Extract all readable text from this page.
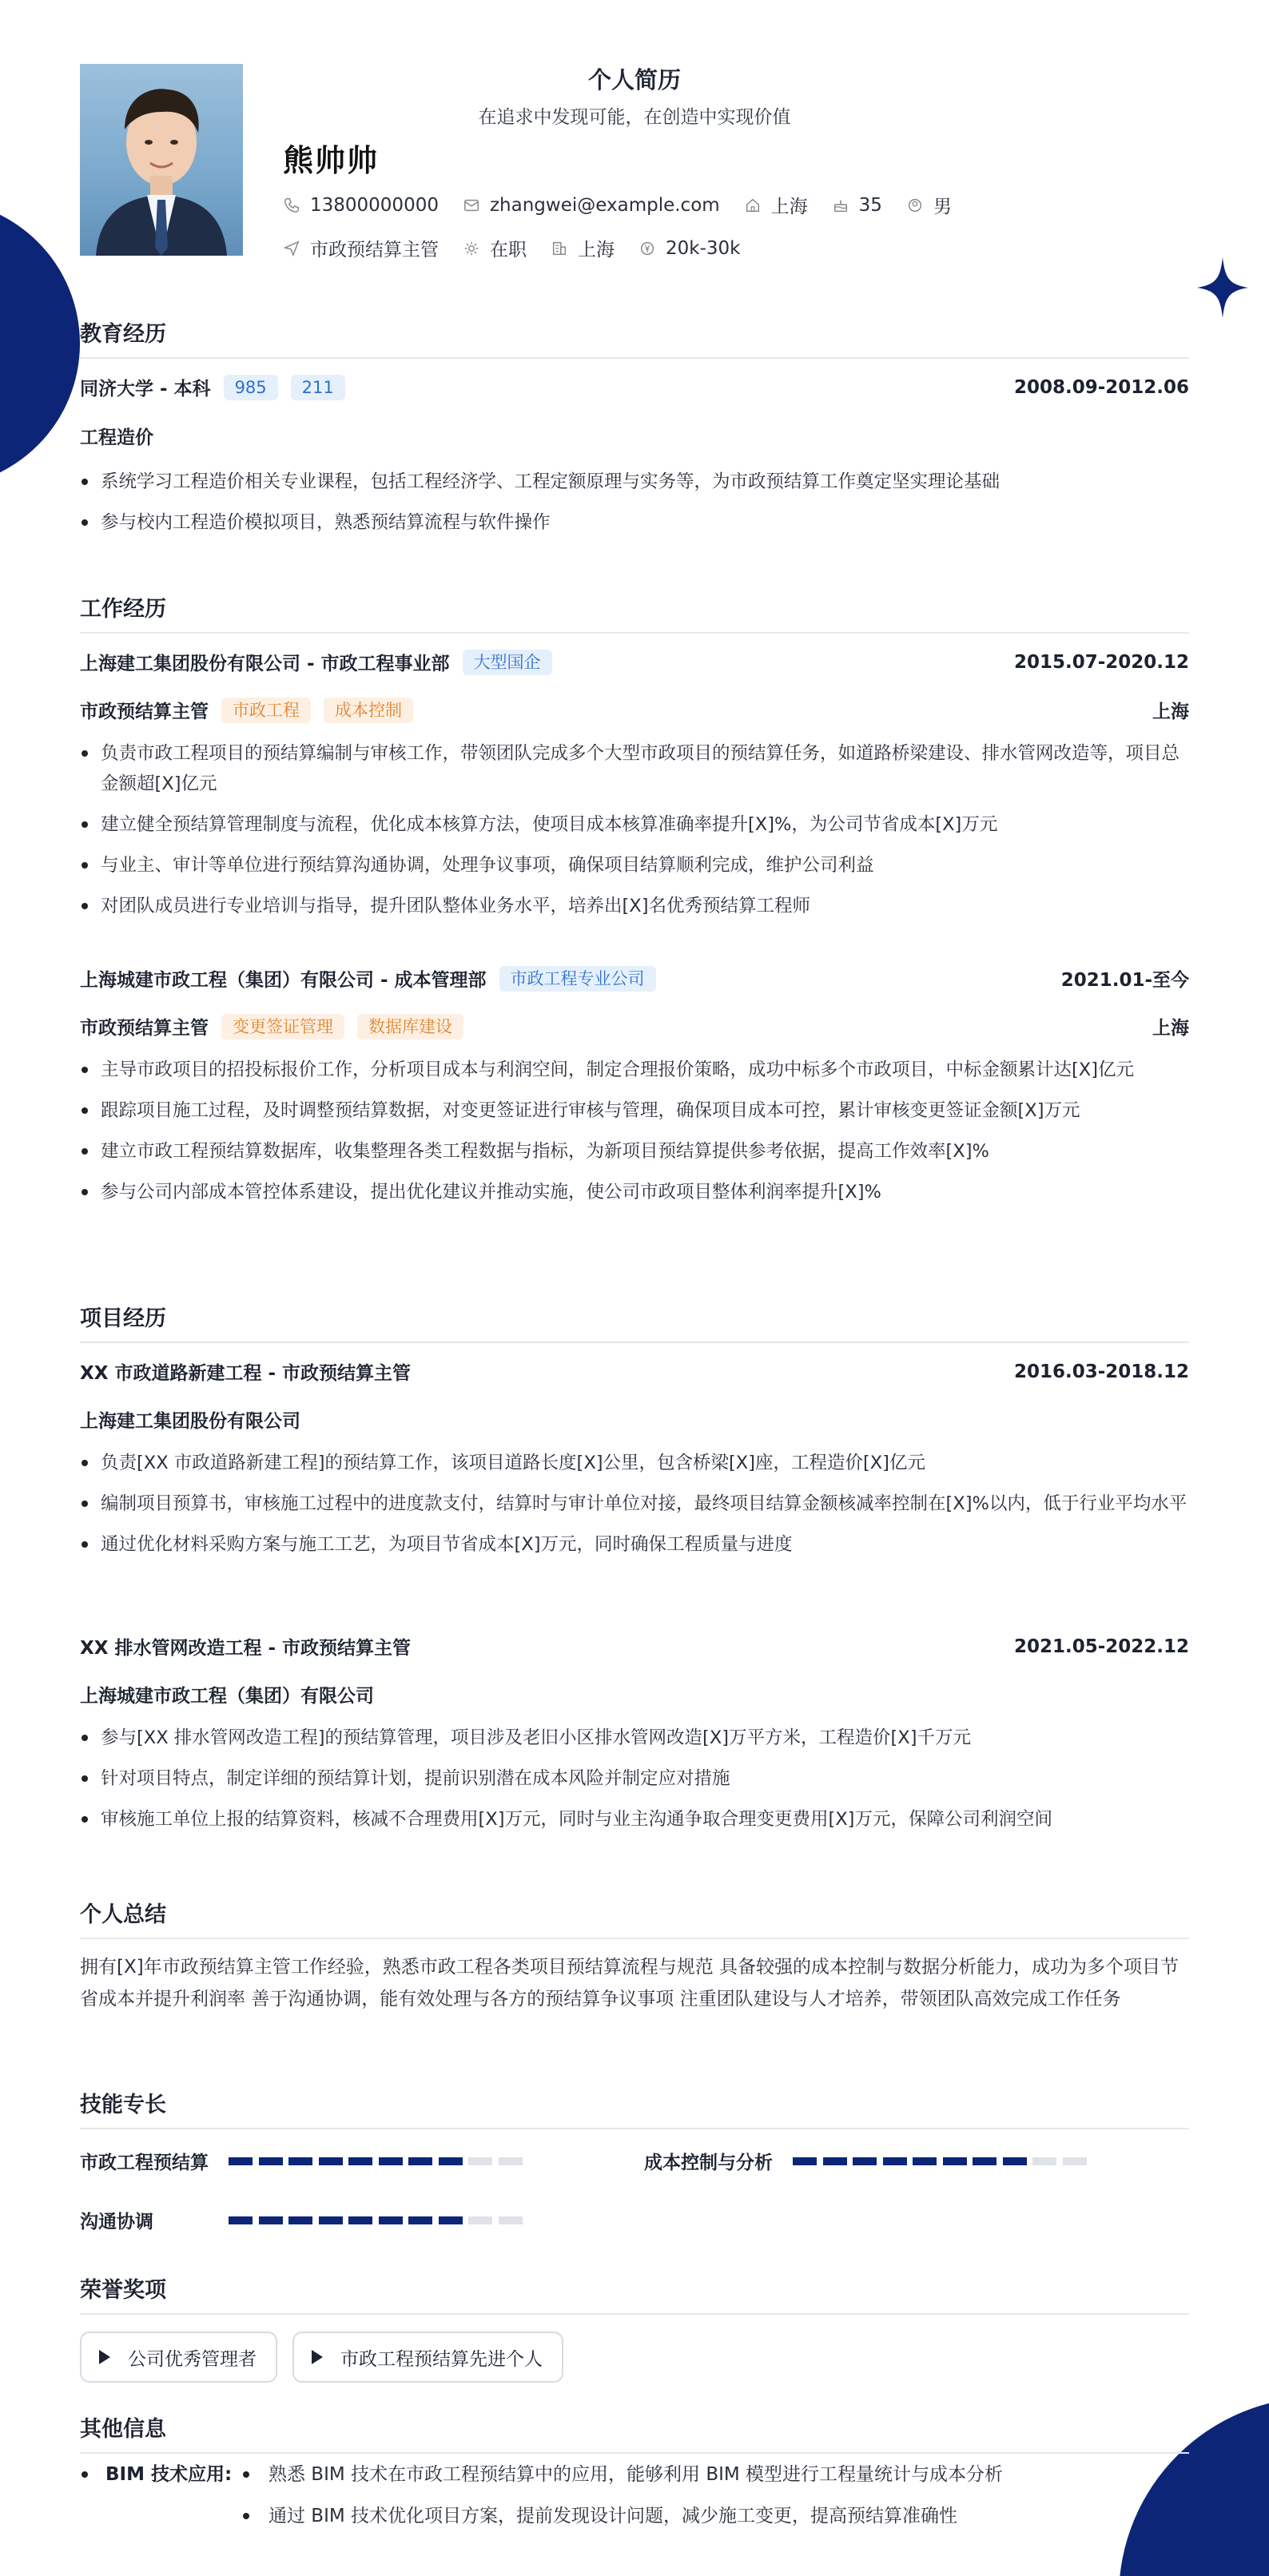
个人简历
在追求中发现可能，在创造中实现价值
熊帅帅
13800000000	zhangwei@example.com	上海	35	男
市政预结算主管	在职	上海	20k-30k
教育经历
同济大学 - 本科	985	211	2008.09-2012.06
工程造价
系统学习工程造价相关专业课程，包括工程经济学、工程定额原理与实务等，为市政预结算工作奠定坚实理论基础
参与校内工程造价模拟项目，熟悉预结算流程与软件操作
工作经历
上海建工集团股份有限公司 - 市政工程事业部	大型国企	2015.07-2020.12
市政预结算主管	市政工程	成本控制	上海
负责市政工程项目的预结算编制与审核工作，带领团队完成多个大型市政项目的预结算任务，如道路桥梁建设、排水管网改造等，项目总金额超[X]亿元
建立健全预结算管理制度与流程，优化成本核算方法，使项目成本核算准确率提升[X]%，为公司节省成本[X]万元
与业主、审计等单位进行预结算沟通协调，处理争议事项，确保项目结算顺利完成，维护公司利益
对团队成员进行专业培训与指导，提升团队整体业务水平，培养出[X]名优秀预结算工程师
上海城建市政工程（集团）有限公司 - 成本管理部	市政工程专业公司	2021.01-至今
市政预结算主管	变更签证管理	数据库建设	上海
主导市政项目的招投标报价工作，分析项目成本与利润空间，制定合理报价策略，成功中标多个市政项目，中标金额累计达[X]亿元
跟踪项目施工过程，及时调整预结算数据，对变更签证进行审核与管理，确保项目成本可控，累计审核变更签证金额[X]万元
建立市政工程预结算数据库，收集整理各类工程数据与指标，为新项目预结算提供参考依据，提高工作效率[X]%
参与公司内部成本管控体系建设，提出优化建议并推动实施，使公司市政项目整体利润率提升[X]%
项目经历
XX 市政道路新建工程 - 市政预结算主管	2016.03-2018.12
上海建工集团股份有限公司
负责[XX 市政道路新建工程]的预结算工作，该项目道路长度[X]公里，包含桥梁[X]座，工程造价[X]亿元
编制项目预算书，审核施工过程中的进度款支付，结算时与审计单位对接，最终项目结算金额核减率控制在[X]%以内，低于行业平均水平
通过优化材料采购方案与施工工艺，为项目节省成本[X]万元，同时确保工程质量与进度
XX 排水管网改造工程 - 市政预结算主管	2021.05-2022.12
上海城建市政工程（集团）有限公司
参与[XX 排水管网改造工程]的预结算管理，项目涉及老旧小区排水管网改造[X]万平方米，工程造价[X]千万元
针对项目特点，制定详细的预结算计划，提前识别潜在成本风险并制定应对措施
审核施工单位上报的结算资料，核减不合理费用[X]万元，同时与业主沟通争取合理变更费用[X]万元，保障公司利润空间
个人总结
拥有[X]年市政预结算主管工作经验，熟悉市政工程各类项目预结算流程与规范 具备较强的成本控制与数据分析能力，成功为多个项目节省成本并提升利润率 善于沟通协调，能有效处理与各方的预结算争议事项 注重团队建设与人才培养，带领团队高效完成工作任务
技能专长
市政工程预结算	成本控制与分析
沟通协调
荣誉奖项
公司优秀管理者	市政工程预结算先进个人
其他信息
BIM 技术应用: 熟悉 BIM 技术在市政工程预结算中的应用，能够利用 BIM 模型进行工程量统计与成本分析
通过 BIM 技术优化项目方案，提前发现设计问题，减少施工变更，提高预结算准确性
